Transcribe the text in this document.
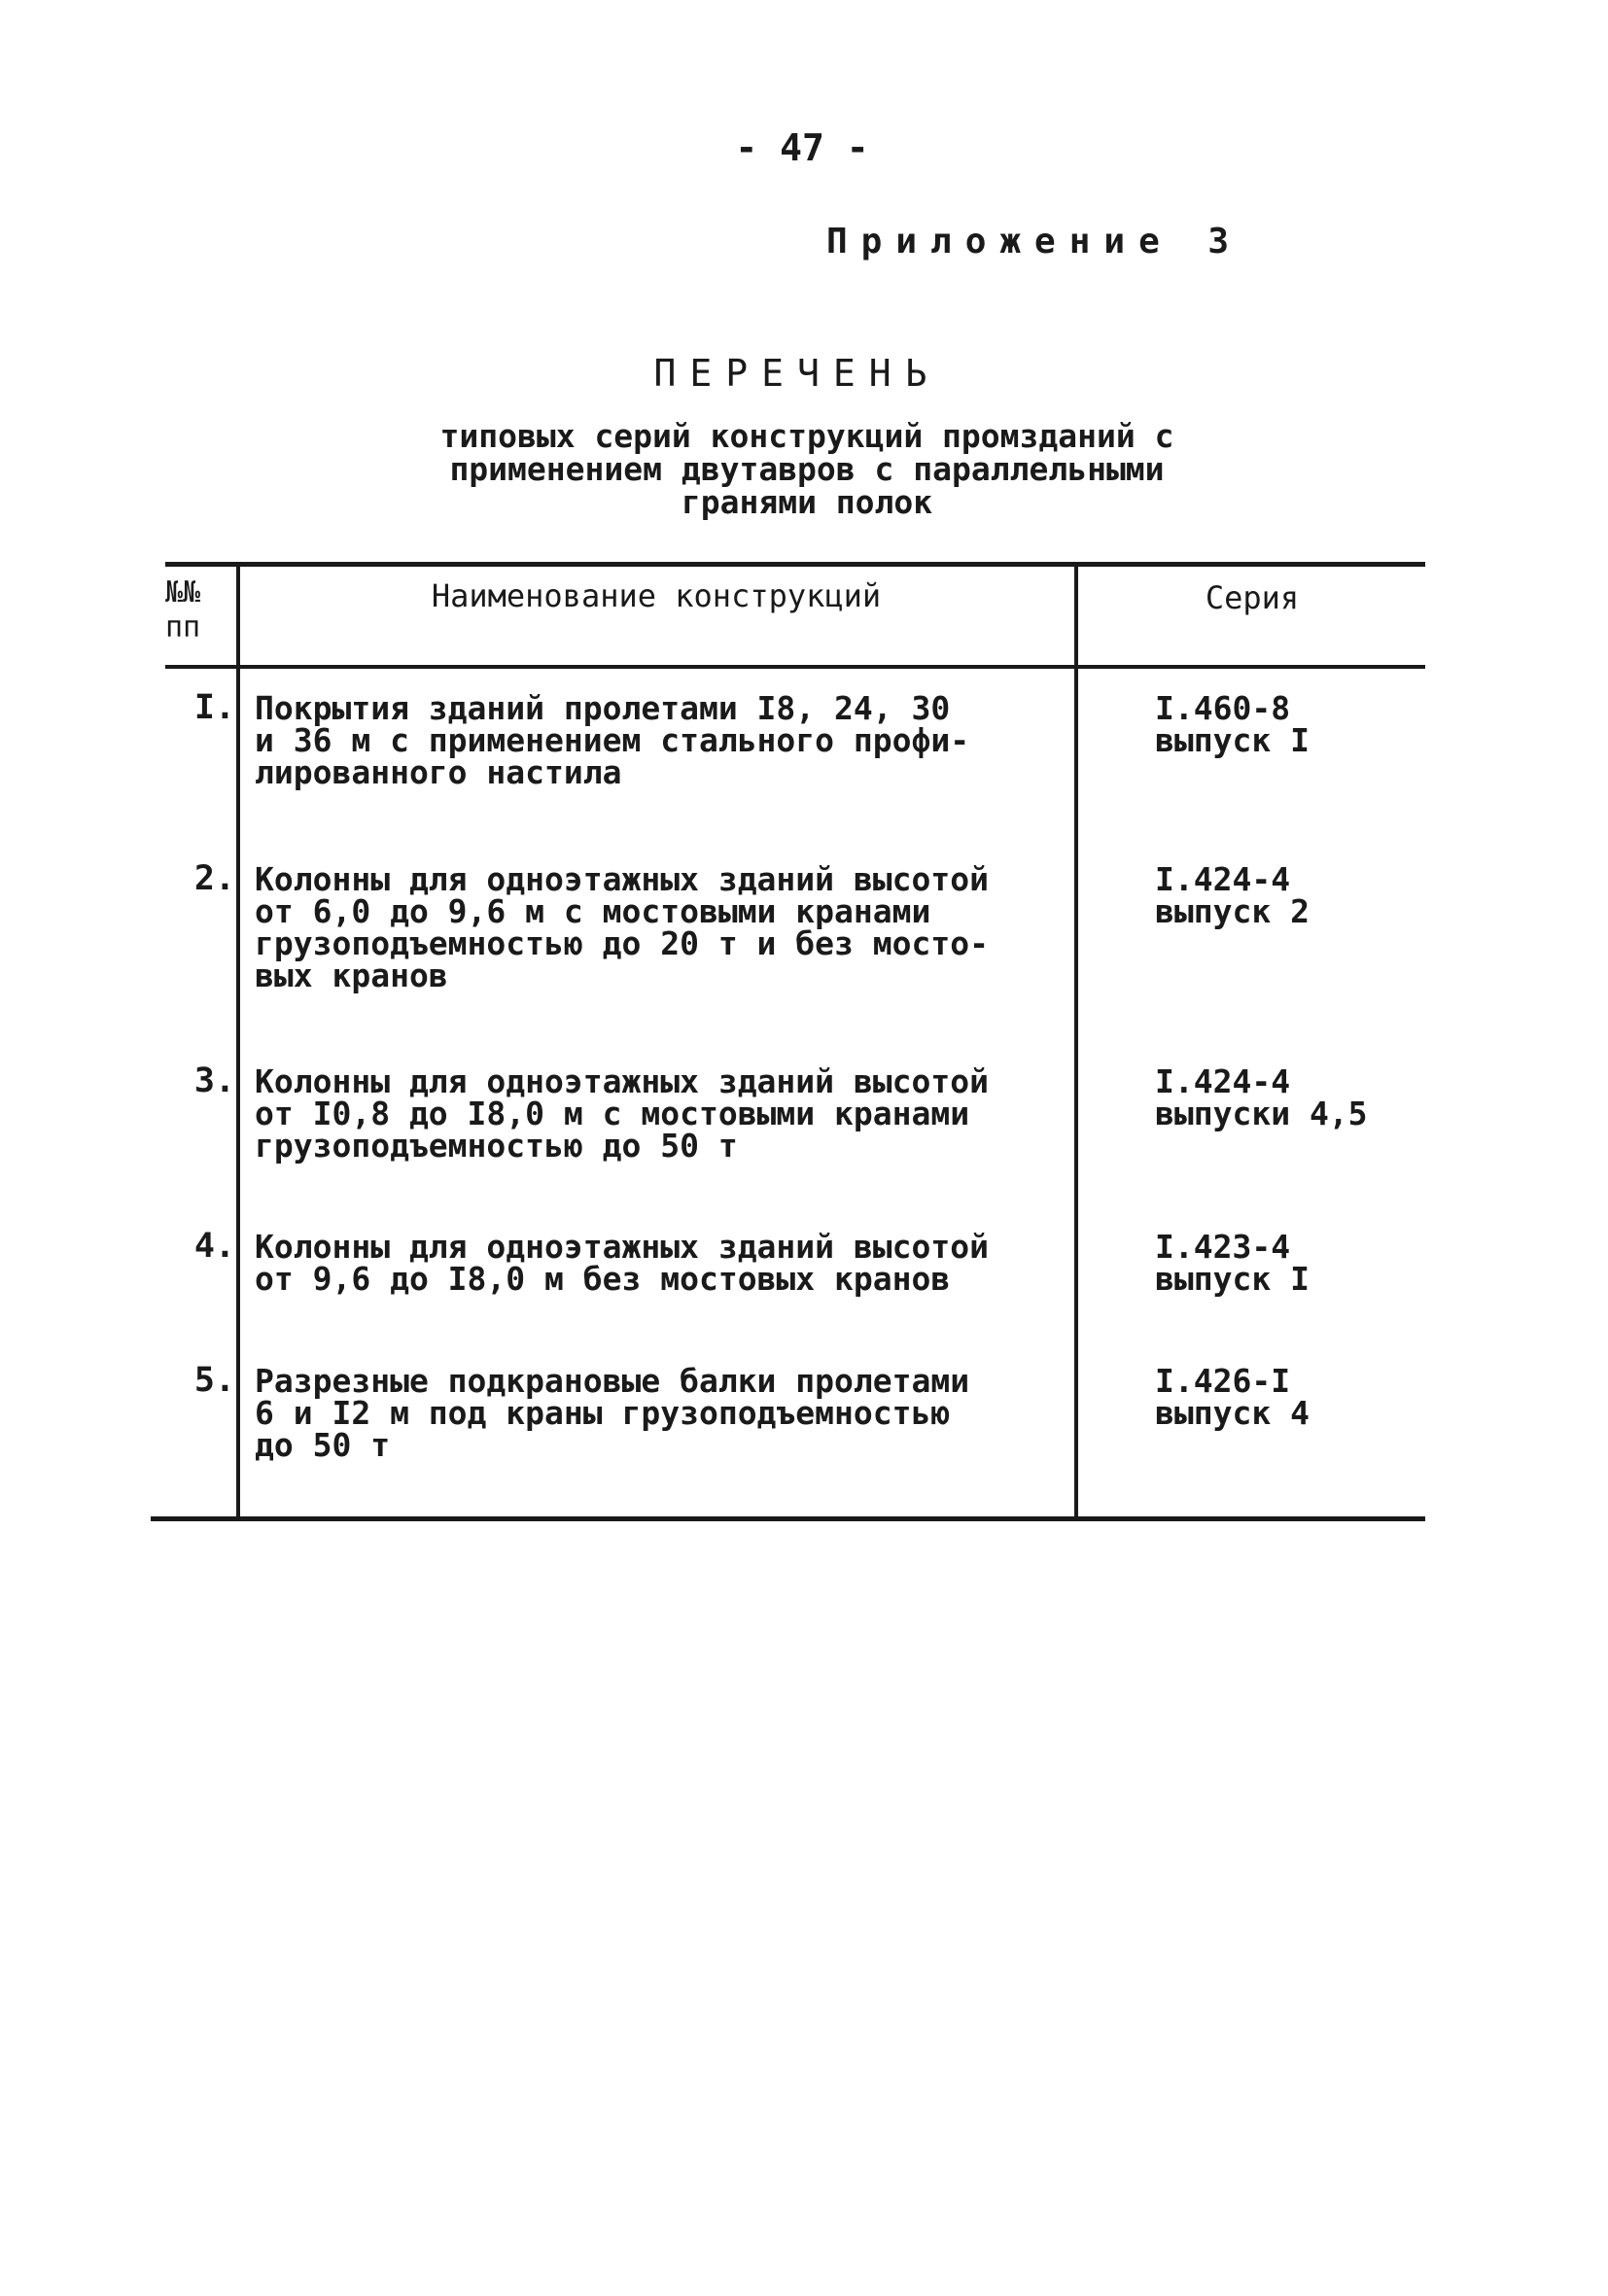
- 47 -
Приложение 3
ПЕРЕЧЕНЬ
типовых серий конструкций промзданий с
применением двутавров с параллельными
гранями полок
№№
пп
Наименование конструкций	Серия
I. Покрытия зданий пролетами I8, 24, 30
и 36 м с применением стального профи-
лированного настила
I.460-8
выпуск I
2. Колонны для одноэтажных зданий высотой
от 6,0 до 9,6 м с мостовыми кранами
грузоподъемностью до 20 т и без мосто-
вых кранов
I.424-4
выпуск 2
3. Колонны для одноэтажных зданий высотой
от I0,8 до I8,0 м с мостовыми кранами
грузоподъемностью до 50 т
I.424-4
выпуски 4,5
4. Колонны для одноэтажных зданий высотой
от 9,6 до I8,0 м без мостовых кранов
I.423-4
выпуск I
5. Разрезные подкрановые балки пролетами
6 и I2 м под краны грузоподъемностью
до 50 т
I.426-I
выпуск 4
